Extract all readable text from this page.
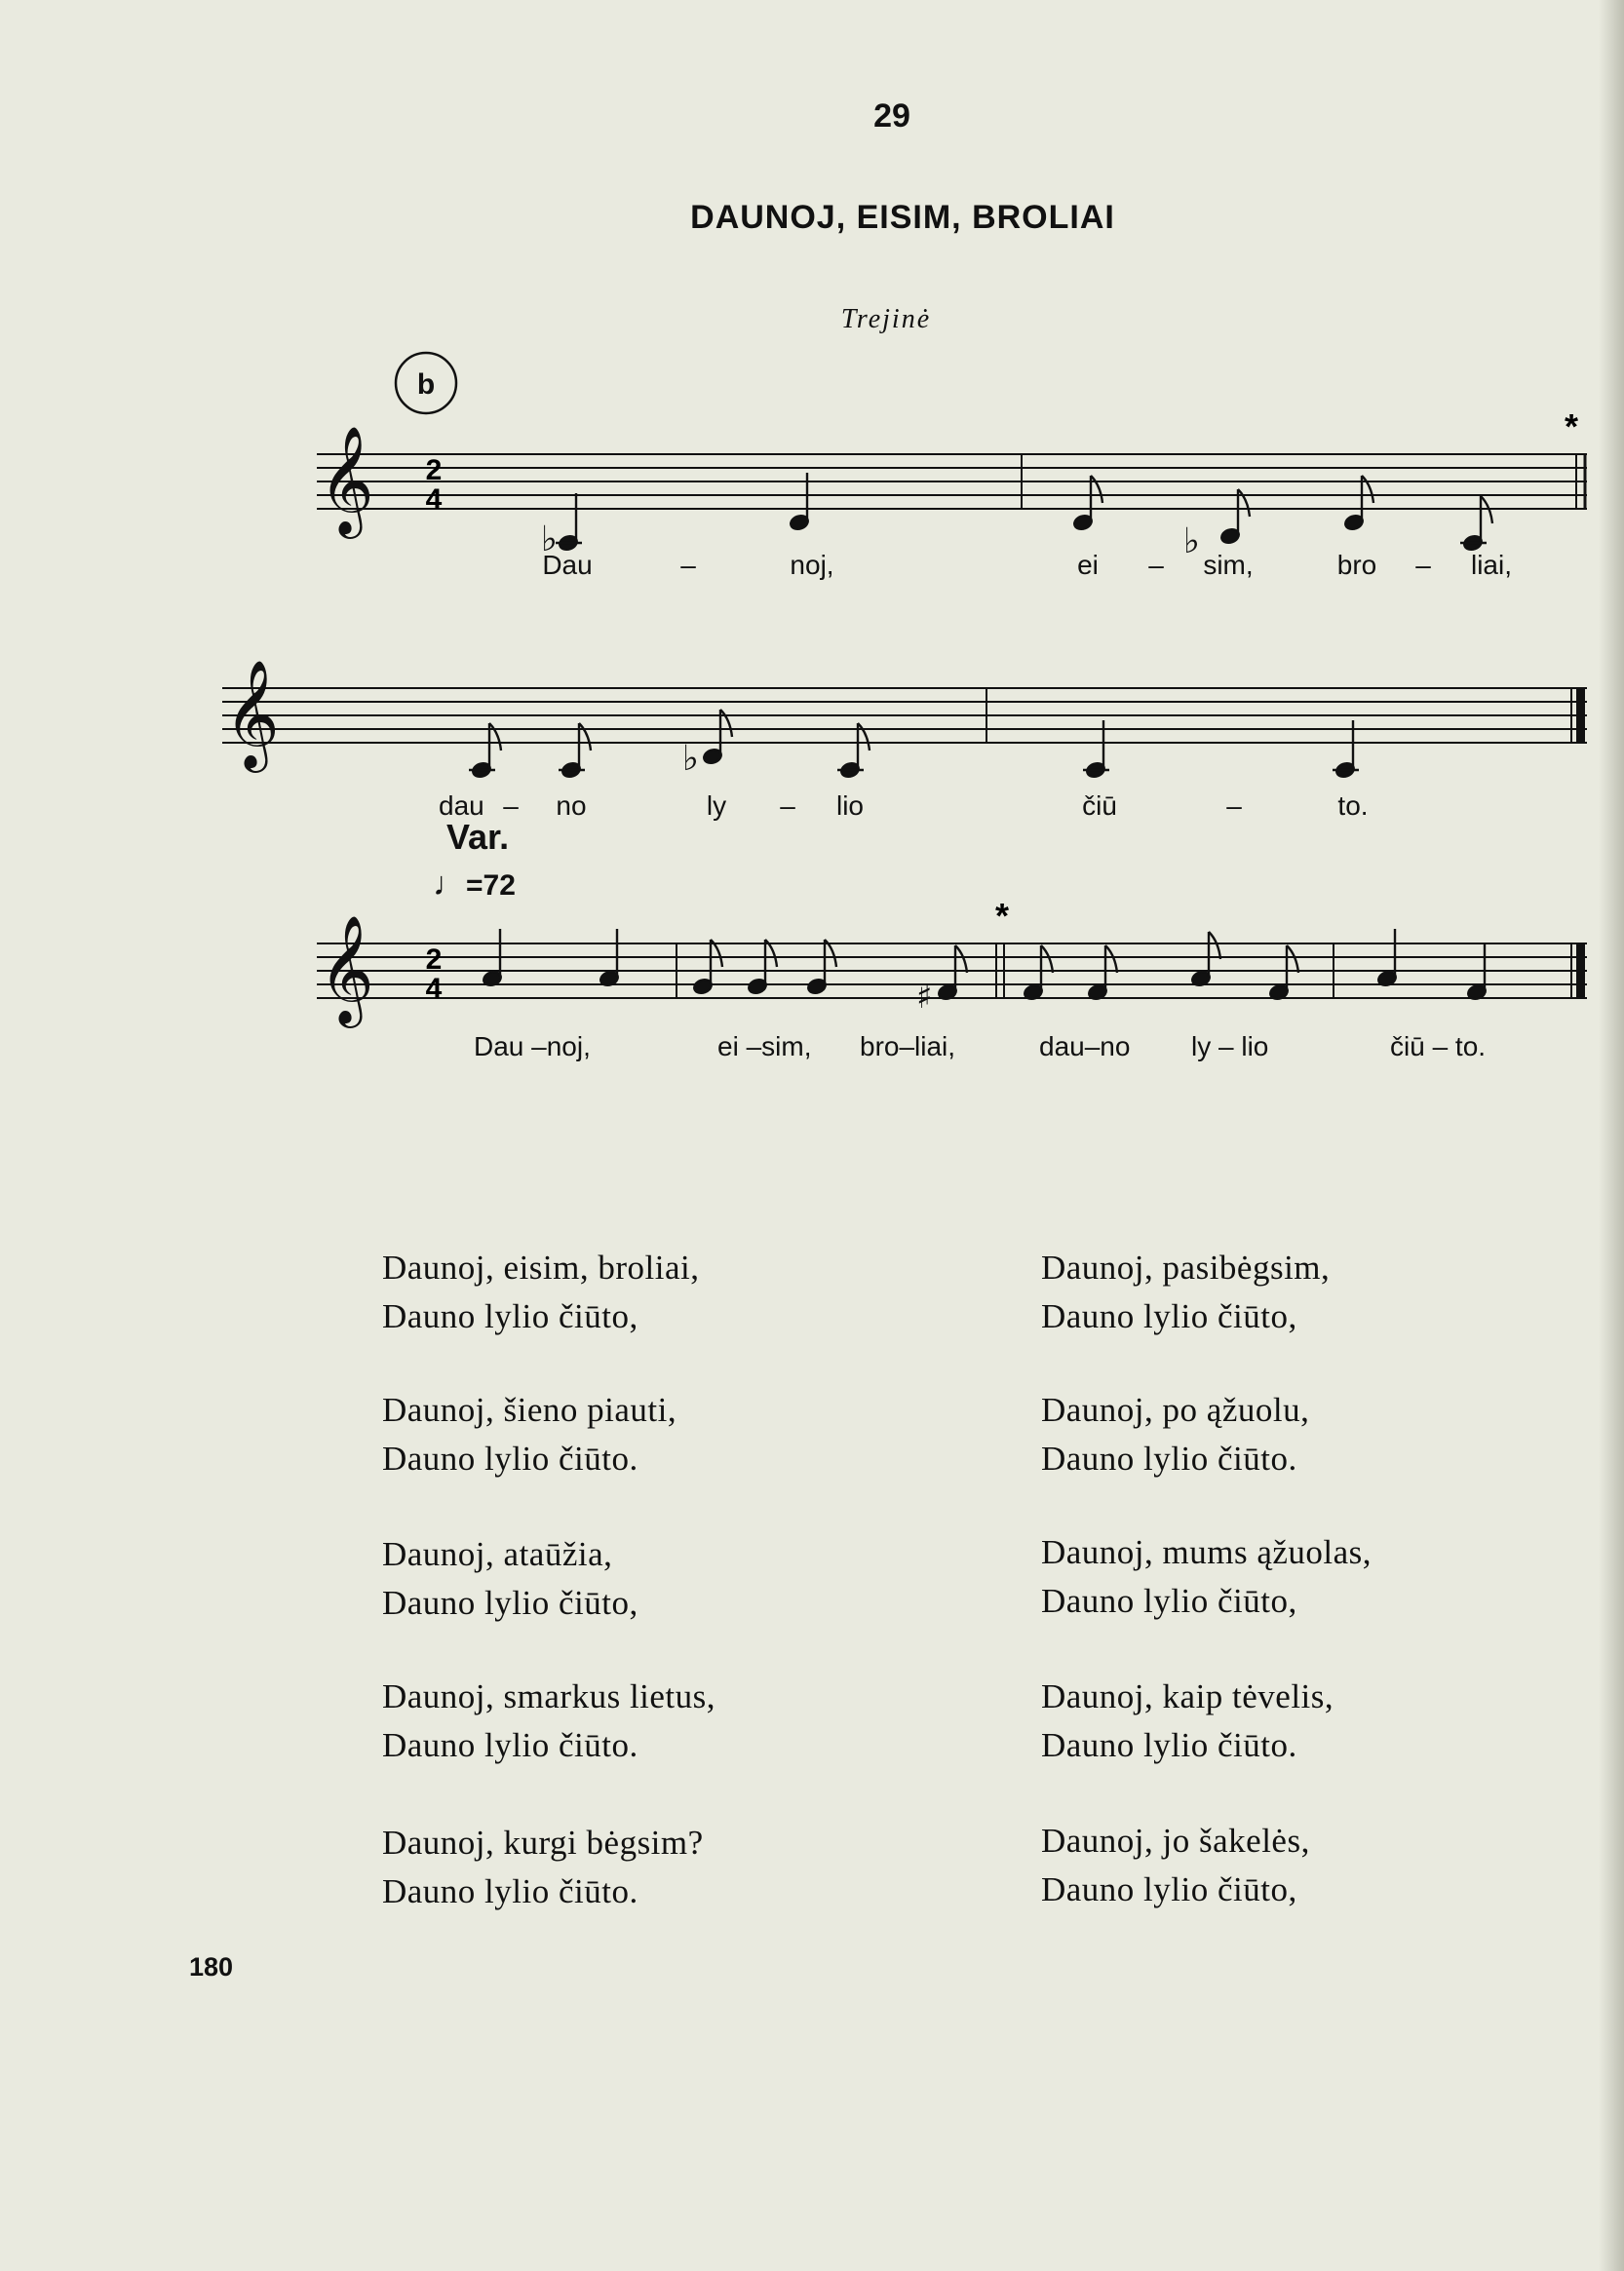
29
DAUNOJ, EISIM, BROLIAI
Trejinė
b
𝄞 2
4
*
♭	♭
Dau	–	noj,	ei – sim,	bro – liai,
𝄞	♭
dau – no	ly – lio	čiū	–	to.
𝄞 2
4
*
♯
Dau –noj,	ei –sim, bro–liai,	dau–no ly – lio	čiū – to.
Var.
♩=72
Daunoj, eisim, broliai,
Dauno lylio čiūto,
Daunoj, šieno piauti,
Dauno lylio čiūto.
Daunoj, ataūžia,
Dauno lylio čiūto,
Daunoj, smarkus lietus,
Dauno lylio čiūto.
Daunoj, kurgi bėgsim?
Dauno lylio čiūto.
Daunoj, pasibėgsim,
Dauno lylio čiūto,
Daunoj, po ąžuolu,
Dauno lylio čiūto.
Daunoj, mums ąžuolas,
Dauno lylio čiūto,
Daunoj, kaip tėvelis,
Dauno lylio čiūto.
Daunoj, jo šakelės,
Dauno lylio čiūto,
180
